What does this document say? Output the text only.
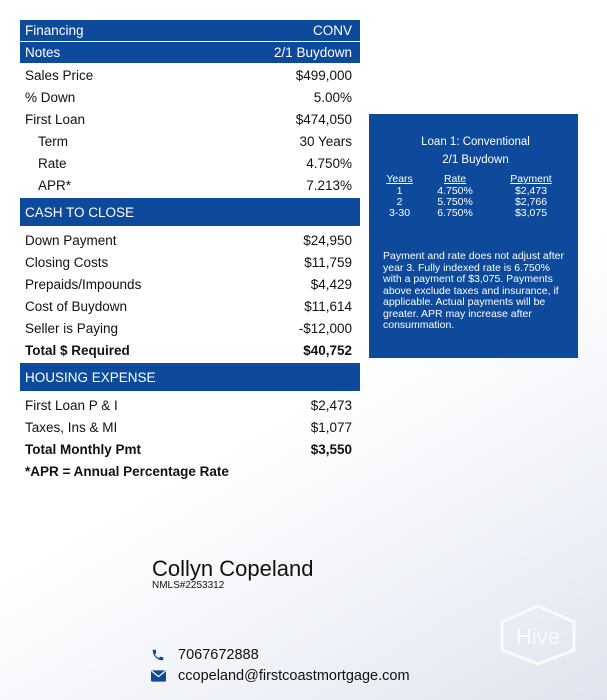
Financing	CONV
Notes	2/1 Buydown
Sales Price	$499,000
% Down	5.00%
First Loan	$474,050
Term	30 Years
Rate	4.750%
APR*	7.213%
CASH TO CLOSE
Down Payment	$24,950
Closing Costs	$11,759
Prepaids/Impounds	$4,429
Cost of Buydown	$11,614
Seller is Paying	-$12,000
Total $ Required	$40,752
HOUSING EXPENSE
First Loan P & I	$2,473
Taxes, Ins & MI	$1,077
Total Monthly Pmt	$3,550
*APR = Annual Percentage Rate
Loan 1: Conventional
2/1 Buydown
Years	Rate	Payment
1	4.750%	$2,473
2	5.750%	$2,766
3-30	6.750%	$3,075
Payment and rate does not adjust after year 3. Fully indexed rate is 6.750% with a payment of $3,075. Payments above exclude taxes and insurance, if applicable. Actual payments will be greater. APR may increase after consummation.
Collyn Copeland
NMLS#2253312
7067672888
ccopeland@firstcoastmortgage.com
Hive
